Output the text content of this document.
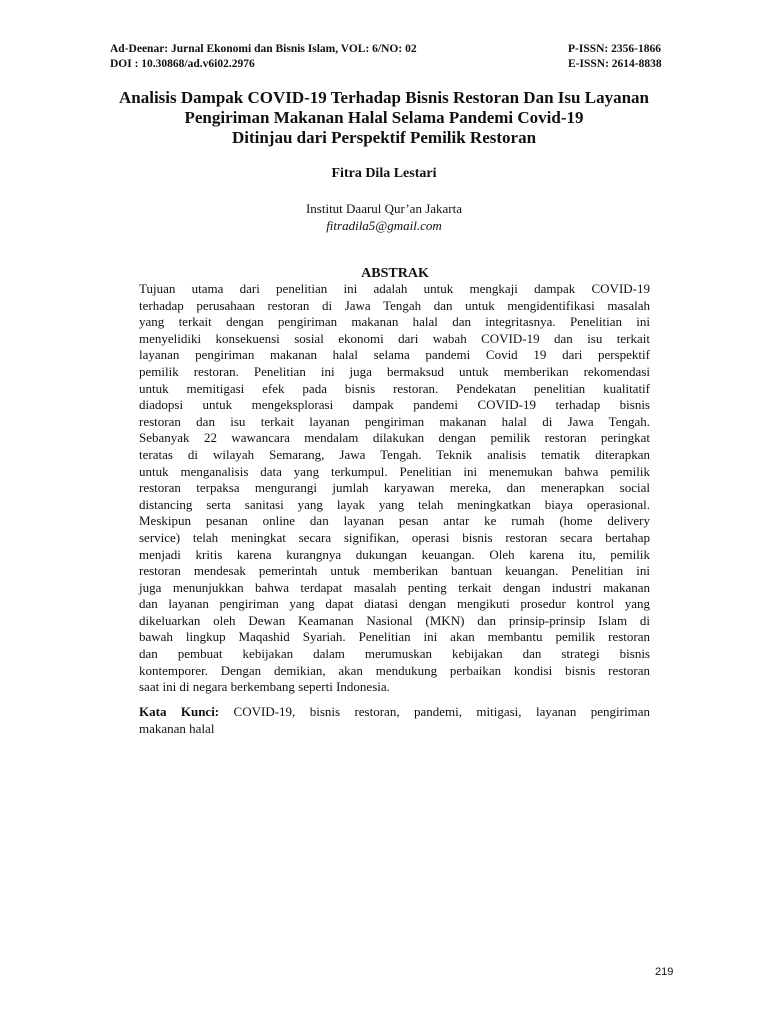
Ad-Deenar: Jurnal Ekonomi dan Bisnis Islam, VOL: 6/NO: 02
DOI : 10.30868/ad.v6i02.2976
P-ISSN: 2356-1866
E-ISSN: 2614-8838
Analisis Dampak COVID-19 Terhadap Bisnis Restoran Dan Isu Layanan
Pengiriman Makanan Halal Selama Pandemi Covid-19
Ditinjau dari Perspektif Pemilik Restoran
Fitra Dila Lestari
Institut Daarul Qur’an Jakarta
fitradila5@gmail.com
ABSTRAK
Tujuan utama dari penelitian ini adalah untuk mengkaji dampak COVID-19
terhadap perusahaan restoran di Jawa Tengah dan untuk mengidentifikasi masalah
yang terkait dengan pengiriman makanan halal dan integritasnya. Penelitian ini
menyelidiki konsekuensi sosial ekonomi dari wabah COVID-19 dan isu terkait
layanan pengiriman makanan halal selama pandemi Covid 19 dari perspektif
pemilik restoran. Penelitian ini juga bermaksud untuk memberikan rekomendasi
untuk memitigasi efek pada bisnis restoran. Pendekatan penelitian kualitatif
diadopsi untuk mengeksplorasi dampak pandemi COVID-19 terhadap bisnis
restoran dan isu terkait layanan pengiriman makanan halal di Jawa Tengah.
Sebanyak 22 wawancara mendalam dilakukan dengan pemilik restoran peringkat
teratas di wilayah Semarang, Jawa Tengah. Teknik analisis tematik diterapkan
untuk menganalisis data yang terkumpul. Penelitian ini menemukan bahwa pemilik
restoran terpaksa mengurangi jumlah karyawan mereka, dan menerapkan social
distancing serta sanitasi yang layak yang telah meningkatkan biaya operasional.
Meskipun pesanan online dan layanan pesan antar ke rumah (home delivery
service) telah meningkat secara signifikan, operasi bisnis restoran secara bertahap
menjadi kritis karena kurangnya dukungan keuangan. Oleh karena itu, pemilik
restoran mendesak pemerintah untuk memberikan bantuan keuangan. Penelitian ini
juga menunjukkan bahwa terdapat masalah penting terkait dengan industri makanan
dan layanan pengiriman yang dapat diatasi dengan mengikuti prosedur kontrol yang
dikeluarkan oleh Dewan Keamanan Nasional (MKN) dan prinsip-prinsip Islam di
bawah lingkup Maqashid Syariah. Penelitian ini akan membantu pemilik restoran
dan pembuat kebijakan dalam merumuskan kebijakan dan strategi bisnis
kontemporer. Dengan demikian, akan mendukung perbaikan kondisi bisnis restoran
saat ini di negara berkembang seperti Indonesia.
Kata Kunci: COVID-19, bisnis restoran, pandemi, mitigasi, layanan pengiriman
makanan halal
219
